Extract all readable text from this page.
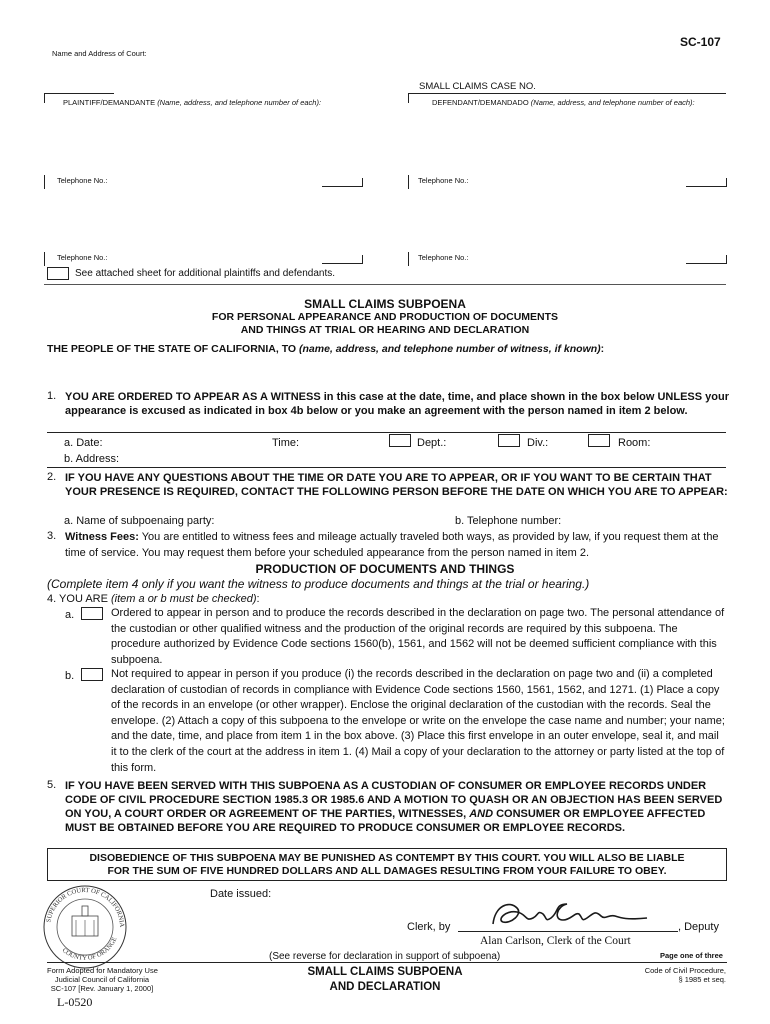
SC-107
Name and Address of Court:
SMALL CLAIMS CASE NO.
PLAINTIFF/DEMANDANTE (Name, address, and telephone number of each):	DEFENDANT/DEMANDADO (Name, address, and telephone number of each):
Telephone No.:	Telephone No.:
Telephone No.:	Telephone No.:
See attached sheet for additional plaintiffs and defendants.
SMALL CLAIMS SUBPOENA
FOR PERSONAL APPEARANCE AND PRODUCTION OF DOCUMENTS
AND THINGS AT TRIAL OR HEARING AND DECLARATION
THE PEOPLE OF THE STATE OF CALIFORNIA, TO (name, address, and telephone number of witness, if known):
1. YOU ARE ORDERED TO APPEAR AS A WITNESS in this case at the date, time, and place shown in the box below UNLESS your appearance is excused as indicated in box 4b below or you make an agreement with the person named in item 2 below.
a. Date:	Time:	Dept.:	Div.:	Room:
b. Address:
2. IF YOU HAVE ANY QUESTIONS ABOUT THE TIME OR DATE YOU ARE TO APPEAR, OR IF YOU WANT TO BE CERTAIN THAT YOUR PRESENCE IS REQUIRED, CONTACT THE FOLLOWING PERSON BEFORE THE DATE ON WHICH YOU ARE TO APPEAR:
a. Name of subpoenaing party:	b. Telephone number:
3. Witness Fees: You are entitled to witness fees and mileage actually traveled both ways, as provided by law, if you request them at the time of service. You may request them before your scheduled appearance from the person named in item 2.
PRODUCTION OF DOCUMENTS AND THINGS
(Complete item 4 only if you want the witness to produce documents and things at the trial or hearing.)
4. YOU ARE (item a or b must be checked):
a.	Ordered to appear in person and to produce the records described in the declaration on page two. The personal attendance of the custodian or other qualified witness and the production of the original records are required by this subpoena. The procedure authorized by Evidence Code sections 1560(b), 1561, and 1562 will not be deemed sufficient compliance with this subpoena.
b.	Not required to appear in person if you produce (i) the records described in the declaration on page two and (ii) a completed declaration of custodian of records in compliance with Evidence Code sections 1560, 1561, 1562, and 1271. (1) Place a copy of the records in an envelope (or other wrapper). Enclose the original declaration of the custodian with the records. Seal the envelope. (2) Attach a copy of this subpoena to the envelope or write on the envelope the case name and number; your name; and the date, time, and place from item 1 in the box above. (3) Place this first envelope in an outer envelope, seal it, and mail it to the clerk of the court at the address in item 1. (4) Mail a copy of your declaration to the attorney or party listed at the top of this form.
5. IF YOU HAVE BEEN SERVED WITH THIS SUBPOENA AS A CUSTODIAN OF CONSUMER OR EMPLOYEE RECORDS UNDER CODE OF CIVIL PROCEDURE SECTION 1985.3 OR 1985.6 AND A MOTION TO QUASH OR AN OBJECTION HAS BEEN SERVED ON YOU, A COURT ORDER OR AGREEMENT OF THE PARTIES, WITNESSES, AND CONSUMER OR EMPLOYEE AFFECTED MUST BE OBTAINED BEFORE YOU ARE REQUIRED TO PRODUCE CONSUMER OR EMPLOYEE RECORDS.
DISOBEDIENCE OF THIS SUBPOENA MAY BE PUNISHED AS CONTEMPT BY THIS COURT. YOU WILL ALSO BE LIABLE
FOR THE SUM OF FIVE HUNDRED DOLLARS AND ALL DAMAGES RESULTING FROM YOUR FAILURE TO OBEY.
SUPERIOR COURT OF CALIFORNIA
COUNTY OF ORANGE
Date issued:
Clerk, by	, Deputy
Alan Carlson, Clerk of the Court
(See reverse for declaration in support of subpoena)	Page one of three
Form Adopted for Mandatory Use
Judicial Council of California
SC-107 [Rev. January 1, 2000]
SMALL CLAIMS SUBPOENA
AND DECLARATION
Code of Civil Procedure,
§ 1985 et seq.
L-0520
